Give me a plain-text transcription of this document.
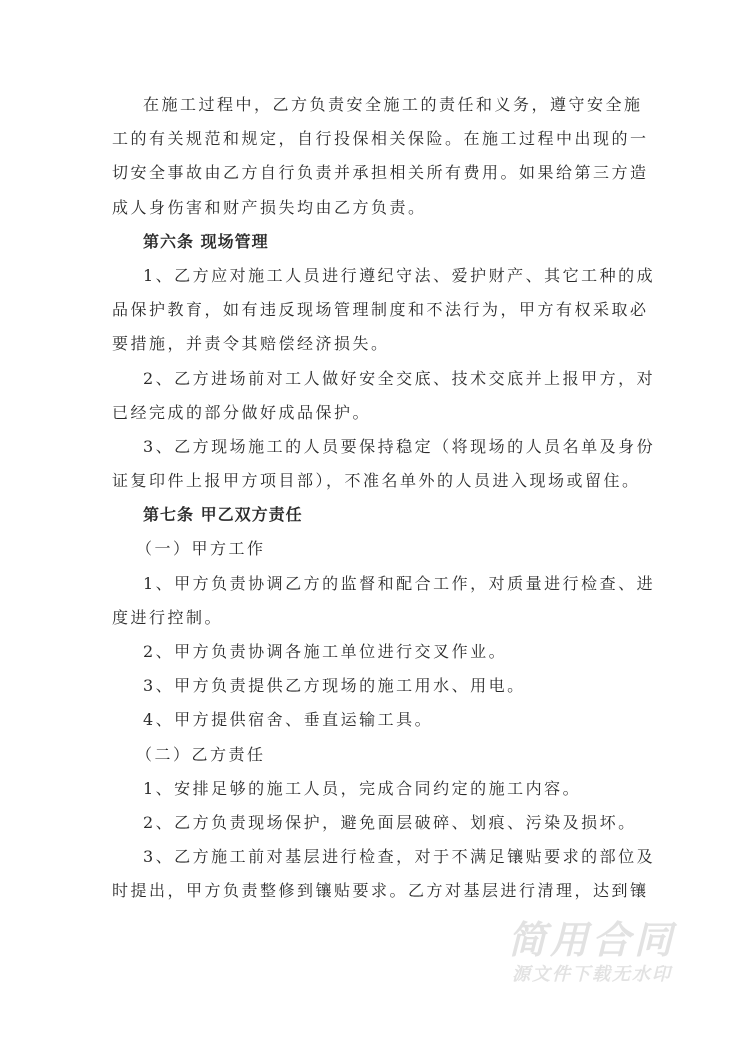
在施工过程中，乙方负责安全施工的责任和义务，遵守安全施
工的有关规范和规定，自行投保相关保险。在施工过程中出现的一
切安全事故由乙方自行负责并承担相关所有费用。如果给第三方造
成人身伤害和财产损失均由乙方负责。
第六条 现场管理
1、乙方应对施工人员进行遵纪守法、爱护财产、其它工种的成
品保护教育，如有违反现场管理制度和不法行为，甲方有权采取必
要措施，并责令其赔偿经济损失。
2、乙方进场前对工人做好安全交底、技术交底并上报甲方，对
已经完成的部分做好成品保护。
3、乙方现场施工的人员要保持稳定（将现场的人员名单及身份
证复印件上报甲方项目部），不准名单外的人员进入现场或留住。
第七条 甲乙双方责任
（一）甲方工作
1、甲方负责协调乙方的监督和配合工作，对质量进行检查、进
度进行控制。
2、甲方负责协调各施工单位进行交叉作业。
3、甲方负责提供乙方现场的施工用水、用电。
4、甲方提供宿舍、垂直运输工具。
（二）乙方责任
1、安排足够的施工人员，完成合同约定的施工内容。
2、乙方负责现场保护，避免面层破碎、划痕、污染及损坏。
3、乙方施工前对基层进行检查，对于不满足镶贴要求的部位及
时提出，甲方负责整修到镶贴要求。乙方对基层进行清理，达到镶
简用合同
源文件下载无水印
